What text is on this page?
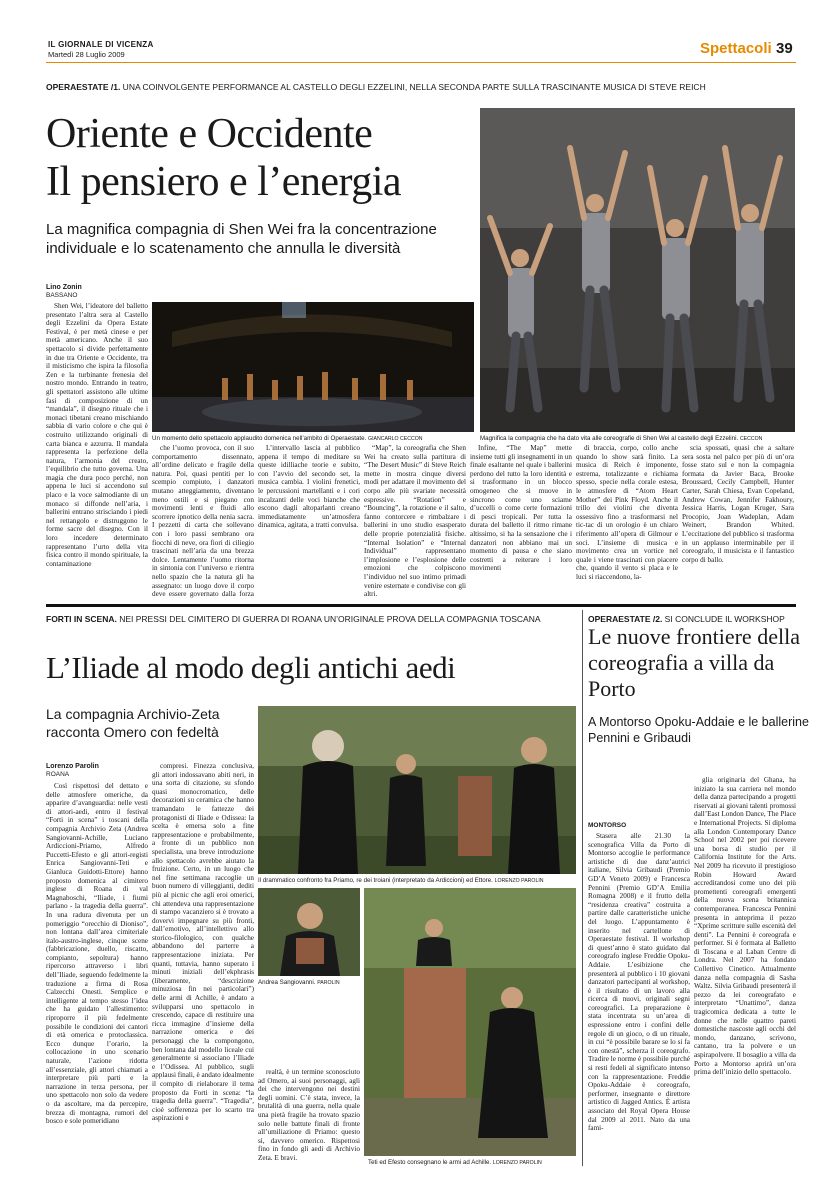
IL GIORNALE DI VICENZA
Martedì 28 Luglio 2009	Spettacoli 39
OPERAESTATE /1. UNA COINVOLGENTE PERFORMANCE AL CASTELLO DEGLI EZZELINI, NELLA SECONDA PARTE SULLA TRASCINANTE MUSICA DI STEVE REICH
Oriente e Occidente
Il pensiero e l’energia
La magnifica compagnia di Shen Wei fra la concentrazione individuale e lo scatenamento che annulla le diversità
Lino Zonin
BASSANO

Shen Wei, l’ideatore del balletto presentato l’altra sera al Castello degli Ezzelini da Opera Estate Festival, è per metà cinese e per metà americano. Anche il suo spettacolo si divide perfettamente in due tra Oriente e Occidente, tra il misticismo che ispira la filosofia Zen e la turbinante frenesia del nostro mondo. Entrando in teatro, gli spettatori assistono alle ultime fasi di composizione di un “mandala”, il disegno rituale che i monaci tibetani creano mischiando sabbia di vario colore e che qui è costruito utilizzando originali di carta bianca e azzurra. Il mandala rappresenta la perfezione della natura, l’armonia del creato, l’equilibrio che tutto governa. Una magia che dura poco perché, non appena le luci si accendono sul placo e la voce salmodiante di un monaco si diffonde nell’aria, i ballerini entrano strisciando i piedi nel rettangolo e distruggono le forme sacre del disegno. Con il loro incedere determinato rappresentano l’urto della vita fisica contro il mondo spirituale, la contaminazione

che l’uomo provoca, con il suo comportamento dissennato, all’ordine delicato e fragile della natura. Poi, quasi pentiti per lo scempio compiuto, i danzatori mutano atteggiamento, diventano meno ostili e si piegano con movimenti lenti e fluidi allo scorrere ipnotico della nenia sacra. I pezzetti di carta che sollevano con i loro passi sembrano ora fiocchi di neve, ora fiori di ciliegio trascinati nell’aria da una brezza dolce. Lentamente l’uomo ritorna in sintonia con l’universo e rientra nello spazio che la natura gli ha assegnato: un luogo dove il corpo deve essere governato dalla forza

L’intervallo lascia al pubblico appena il tempo di meditare su queste idilliache teorie e subito, con l’avvio del secondo set, la musica cambia. I violini frenetici, le percussioni martellanti e i cori incalzanti delle voci bianche che escono dagli altoparlanti creano immediatamente un’atmosfera dinamica, agitata, a tratti convulsa.

“Map”, la coreografia che Shen Wei ha creato sulla partitura di “The Desert Music” di Steve Reich mette in mostra cinque diversi modi per adattare il movimento del corpo alle più svariate necessità espressive. “Rotation” e “Bouncing”, la rotazione e il salto, fanno contorcere e rimbalzare i ballerini in uno studio esasperato delle proprie potenzialità fisiche. “Internal Isolation” e “Internal Individual” rappresentano l’implosione e l’esplosione delle emozioni che colpiscono l’individuo nel suo intimo primadi venire esternate e condivise con gli altri.

Infine, “The Map” mette insieme tutti gli insegnamenti in un finale esaltante nel quale i ballerini perdono del tutto la loro identità e si trasformano in un blocco omogeneo che si muove in sincrono come uno sciame d’uccelli o come certe formazioni di pesci tropicali. Per tutta la durata del balletto il ritmo rimane altissimo, si ha la sensazione che i danzatori non abbiano mai un momento di pausa e che siano costretti a reiterare i loro movimenti

di braccia, corpo, collo anche quando lo show sarà finito. La musica di Reich è imponente, estrema, totalizzante e richiama spesso, specie nella corale estesa, le atmosfere di “Atom Heart Mother” dei Pink Floyd. Anche il trillo dei violini che diventa ossessivo fino a trasformarsi nel tic-tac di un orologio è un chiaro riferimento all’opera di Gilmour e soci. L’insieme di musica e movimento crea un vortice nel quale i viene trascinati con piacere che, quando il vento si placa e le luci si riaccendono, la-

scia spossati, quasi che a saltare sera sosta nel palco per più di un’ora fosse stato sul e non la compagnia formata da Javier Baca, Brooke Broussard, Cecily Campbell, Hunter Carter, Sarah Chiesa, Evan Copeland, Andrew Cowan, Jennifer Fakhoury, Jessica Harris, Logan Kruger, Sara Procopio, Joan Wadeplan, Adam Weinert, Brandon Whited. L’eccitazione del pubblico si trasforma in un applauso interminabile per il coreografo, il musicista e il fantastico corpo di ballo.

Un momento dello spettacolo applaudito domenica nell’ambito di Operaestate. GIANCARLO CECCON	Magnifica la compagnia che ha dato vita alle coreografie di Shen Wei al castello degli Ezzelini. CECCON
FORTI IN SCENA. NEI PRESSI DEL CIMITERO DI GUERRA DI ROANA UN’ORIGINALE PROVA DELLA COMPAGNIA TOSCANA
L’Iliade al modo degli antichi aedi
La compagnia Archivio-Zeta racconta Omero con fedeltà
Lorenzo Parolin
ROANA

Così rispettosi del dettato e delle atmosfere omeriche, da apparire d’avanguardia: nelle vesti di attori-aedi, entro il festival “Forti in scena” i toscani della compagnia Archivio Zeta (Andrea Sangiovanni-Achille, Luciano Ardiccioni-Priamo, Alfredo Puccetti-Efesto e gli attori-registi Enrica Sangiovanni-Teti e Gianluca Guidotti-Ettore) hanno proposto domenica al cimitero inglese di Roana di val Magnaboschi, “Iliade, i fiumi parlano - la tragedia della guerra”. In una radura divenuta per un pomeriggio “orecchio di Dioniso”, non lontana dall’area cimiteriale italo-austro-inglese, cinque scene (fabbricazione, duello, riscatto, compianto, sepoltura) hanno ripercorso attraverso i libri dell’Iliade, seguendo fedelmente la traduzione a firma di Rosa Calzecchi Onesti. Semplice e intelligente al tempo stesso l’idea che ha guidato l’allestimento: riproporre il più fedelmente possibile le condizioni dei cantori di età omerica e protoclassica. Ecco dunque l’orario, la collocazione in uno scenario naturale, l’azione ridotta all’essenziale, gli attori chiamati a interpretare più parti e la narrazione in terza persona, per uno spettacolo non solo da vedere o da ascoltare, ma da percepire, brezza di montagna, rumori del bosco e sole pomeridiano

compresi. Finezza conclusiva, gli attori indossavano abiti neri, in una sorta di citazione, su sfondo quasi monocromatico, delle decorazioni su ceramica che hanno tramandato le fattezze dei protagonisti di Iliade e Odissea: la scelta è emersa solo a fine rappresentazione e probabilmente, a fronte di un pubblico non specialista, una breve introduzione allo spettacolo avrebbe aiutato la fruizione. Certo, in un luogo che nel fine settimana raccoglie un buon numero di villeggianti, dediti più al picnic che agli eroi omerici, chi attendeva una rappresentazione di stampo vacanziero si è trovato a dovervi impegnare su più fronti, dall’emotivo, all’intellettivo allo storico-filologico, con qualche abbandono del parterre a rappresentazione iniziata. Per quanti, tuttavia, hanno superato i minuti iniziali dell’ekphrasis (liberamente, “descrizione minuziosa fin nei particolari”) delle armi di Achille, è andato a svilupparsi uno spettacolo in crescendo, capace di restituire una ricca immagine d’insieme della narrazione omerica e dei personaggi che la compongono, ben lontana dal modello liceale cui generalmente si associano l’Iliade e l’Odissea. Al pubblico, sugli applausi finali, è andato idealmente il compito di rielaborare il tema proposto da Forti in scena: “la tragedia della guerra”. “Tragedia”, cioè sofferenza per lo scarto tra aspirazioni e

realtà, è un termine sconosciuto ad Omero, ai suoi personaggi, agli dei che intervengono nei destini degli uomini. C’è stata, invece, la brutalità di una guerra, nella quale una pietà fragile ha trovato spazio solo nelle battute finali di fronte all’umiliazione di Priamo: questo sì, davvero omerico. Rispettosi fino in fondo gli aedi di Archivio Zeta. E bravi.

Il drammatico confronto fra Priamo, re dei troiani (interpretato da Ardiccioni) ed Ettore. LORENZO PAROLIN
Andrea Sangiovanni. PAROLIN
Teti ed Efesto consegnano le armi ad Achille. LORENZO PAROLIN
OPERAESTATE /2. SI CONCLUDE IL WORKSHOP
Le nuove frontiere della coreografia a villa da Porto
A Montorso Opoku-Addaie e le ballerine Pennini e Gribaudi
MONTORSO

Stasera alle 21.30 la scenografica Villa da Porto di Montorso accoglie le performance artistiche di due danz’autrici italiane, Silvia Gribaudi (Premio GD’A Veneto 2009) e Francesca Pennini (Premio GD’A Emilia Romagna 2008) e il frutto della “residenza creativa” costruita a partire dalle caratteristiche uniche del luogo. L’appuntamento è inserito nel cartellone di Operaestate festival. Il workshop di quest’anno è stato guidato dal coreografo inglese Freddie Opoku-Addaie. L’esibizione che presenterà al pubblico i 10 giovani danzatori partecipanti al workshop, è il risultato di un lavoro alla ricerca di nuovi, originali segni coreografici. La preparazione è stata incentrata su un’area di espressione entro i confini delle regole di un gioco, o di un rituale, in cui “è possibile barare se lo si fa con onestà”, scherza il coreografo. Tradire le norme è possibile purché si resti fedeli al significato intenso con la rappresentazione. Freddie Opoku-Addaie è coreografo, performer, insegnante e direttore artistico di Jagged Antics. È artista associato del Royal Opera House dal 2009 al 2011. Nato da una fami-

glia originaria del Ghana, ha iniziato la sua carriera nel mondo della danza partecipando a progetti riservati ai giovani talenti promossi dall’East London Dance, The Place e International Projects. Si diploma alla London Contemporary Dance School nel 2002 per poi ricevere una borsa di studio per il California Institute for the Arts. Nel 2009 ha ricevuto il prestigioso Robin Howard Award accreditandosi come uno dei più promettenti coreografi emergenti della nuova scena britannica contemporanea. Francesca Pennini presenta in anteprima il pezzo “Xprime scritture sulle escenità del denti”. La Pennini è coreografa e performer. Si è formata al Balletto di Toscana e al Laban Centre di Londra. Nel 2007 ha fondato Collettivo Cinetico. Attualmente danza nella compagnia di Sasha Waltz. Silvia Gribaudi presenterà il pezzo da lei coreografato e interpretato “Unattimo”, danza tragicomica dedicata a tutte le donne che nelle quattro pareti domestiche nascoste agli occhi del mondo, danzano, scrivono, cantano, tra la polvere e un aspirapolvere. Il bosaglio a villa da Porto a Montorso aprirà un’ora prima dell’inizio dello spettacolo.
